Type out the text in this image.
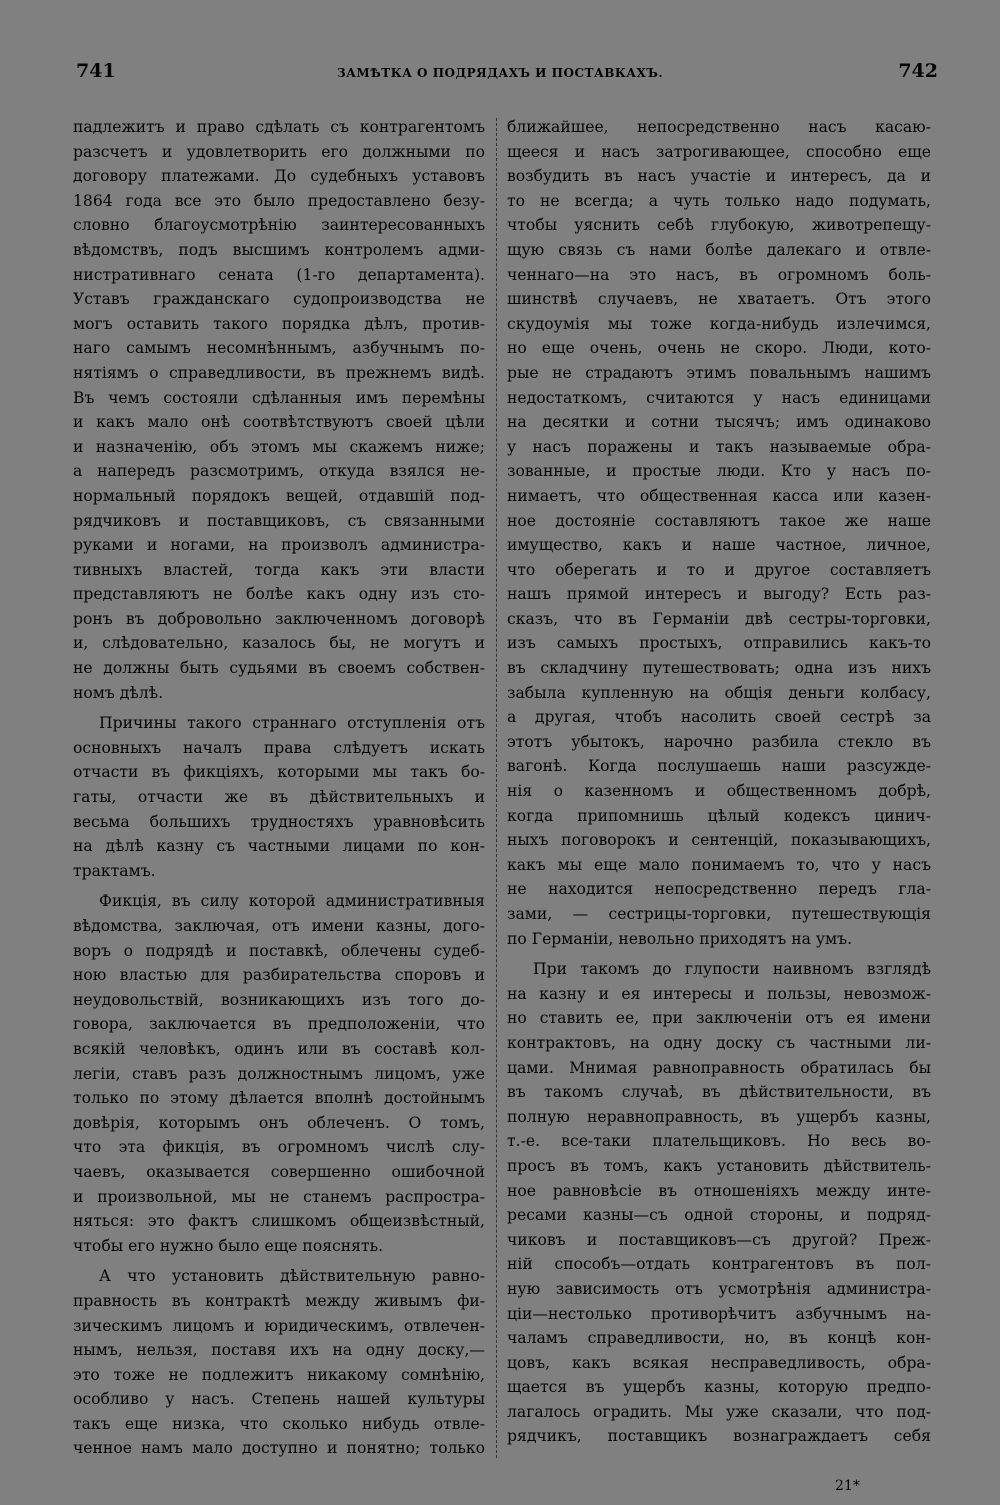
741	ЗАМѢТКА О ПОДРЯДАХЪ И ПОСТАВКАХЪ.	742

падлежитъ и право сдѣлать съ контрагентомъ

разсчетъ и удовлетворить его должными по

договору платежами. До судебныхъ уставовъ

1864 года все это было предоставлено безу-

словно благоусмотрѣнію заинтересованныхъ

вѣдомствъ, подъ высшимъ контролемъ адми-

нистративнаго сената (1-го департамента).

Уставъ гражданскаго судопроизводства не

могъ оставить такого порядка дѣлъ, против-

наго самымъ несомнѣннымъ, азбучнымъ по-

нятіямъ о справедливости, въ прежнемъ видѣ.

Въ чемъ состояли сдѣланныя имъ перемѣны

и какъ мало онѣ соотвѣтствуютъ своей цѣли

и назначенію, объ этомъ мы скажемъ ниже;

а напередъ разсмотримъ, откуда взялся не-

нормальный порядокъ вещей, отдавшій под-

рядчиковъ и поставщиковъ, съ связанными

руками и ногами, на произволъ администра-

тивныхъ властей, тогда какъ эти власти

представляютъ не болѣе какъ одну изъ сто-

ронъ въ добровольно заключенномъ договорѣ

и, слѣдовательно, казалось бы, не могутъ и

не должны быть судьями въ своемъ собствен-

номъ дѣлѣ.

Причины такого страннаго отступленія отъ

основныхъ началъ права слѣдуетъ искать

отчасти въ фикціяхъ, которыми мы такъ бо-

гаты, отчасти же въ дѣйствительныхъ и

весьма большихъ трудностяхъ уравновѣсить

на дѣлѣ казну съ частными лицами по кон-

трактамъ.

Фикція, въ силу которой административныя

вѣдомства, заключая, отъ имени казны, дого-

воръ о подрядѣ и поставкѣ, облечены судеб-

ною властью для разбирательства споровъ и

неудовольствій, возникающихъ изъ того до-

говора, заключается въ предположеніи, что

всякій человѣкъ, одинъ или въ составѣ кол-

легіи, ставъ разъ должностнымъ лицомъ, уже

только по этому дѣлается вполнѣ достойнымъ

довѣрія, которымъ онъ облеченъ. О томъ,

что эта фикція, въ огромномъ числѣ слу-

чаевъ, оказывается совершенно ошибочной

и произвольной, мы не станемъ распростра-

няться: это фактъ слишкомъ общеизвѣстный,

чтобы его нужно было еще пояснять.

А что установить дѣйствительную равно-

правность въ контрактѣ между живымъ фи-

зическимъ лицомъ и юридическимъ, отвлечен-

нымъ, нельзя, поставя ихъ на одну доску,—

это тоже не подлежитъ никакому сомнѣнію,

особливо у насъ. Степень нашей культуры

такъ еще низка, что сколько нибудь отвле-

ченное намъ мало доступно и понятно; только

ближайшее, непосредственно насъ касаю-

щееся и насъ затрогивающее, способно еще

возбудить въ насъ участіе и интересъ, да и

то не всегда; а чуть только надо подумать,

чтобы уяснить себѣ глубокую, животрепещу-

щую связь съ нами болѣе далекаго и отвле-

ченнаго—на это насъ, въ огромномъ боль-

шинствѣ случаевъ, не хватаетъ. Отъ этого

скудоумія мы тоже когда-нибудь излечимся,

но еще очень, очень не скоро. Люди, кото-

рые не страдаютъ этимъ повальнымъ нашимъ

недостаткомъ, считаются у насъ единицами

на десятки и сотни тысячъ; имъ одинаково

у насъ поражены и такъ называемые обра-

зованные, и простые люди. Кто у насъ по-

нимаетъ, что общественная касса или казен-

ное достояніе составляютъ такое же наше

имущество, какъ и наше частное, личное,

что оберегать и то и другое составляетъ

нашъ прямой интересъ и выгоду? Есть раз-

сказъ, что въ Германіи двѣ сестры-торговки,

изъ самыхъ простыхъ, отправились какъ-то

въ складчину путешествовать; одна изъ нихъ

забыла купленную на общія деньги колбасу,

а другая, чтобъ насолить своей сестрѣ за

этотъ убытокъ, нарочно разбила стекло въ

вагонѣ. Когда послушаешь наши разсужде-

нія о казенномъ и общественномъ добрѣ,

когда припомнишь цѣлый кодексъ цинич-

ныхъ поговорокъ и сентенцій, показывающихъ,

какъ мы еще мало понимаемъ то, что у насъ

не находится непосредственно передъ гла-

зами, — сестрицы-торговки, путешествующія

по Германіи, невольно приходятъ на умъ.

При такомъ до глупости наивномъ взглядѣ

на казну и ея интересы и пользы, невозмож-

но ставить ее, при заключеніи отъ ея имени

контрактовъ, на одну доску съ частными ли-

цами. Мнимая равноправность обратилась бы

въ такомъ случаѣ, въ дѣйствительности, въ

полную неравноправность, въ ущербъ казны,

т.-е. все-таки плательщиковъ. Но весь во-

просъ въ томъ, какъ установить дѣйствитель-

ное равновѣсіе въ отношеніяхъ между инте-

ресами казны—съ одной стороны, и подряд-

чиковъ и поставщиковъ—съ другой? Преж-

ній способъ—отдать контрагентовъ въ пол-

ную зависимость отъ усмотрѣнія администра-

ціи—нестолько противорѣчитъ азбучнымъ на-

чаламъ справедливости, но, въ концѣ кон-

цовъ, какъ всякая несправедливость, обра-

щается въ ущербъ казны, которую предпо-

лагалось оградить. Мы уже сказали, что под-

рядчикъ, поставщикъ вознаграждаетъ себя

21*
